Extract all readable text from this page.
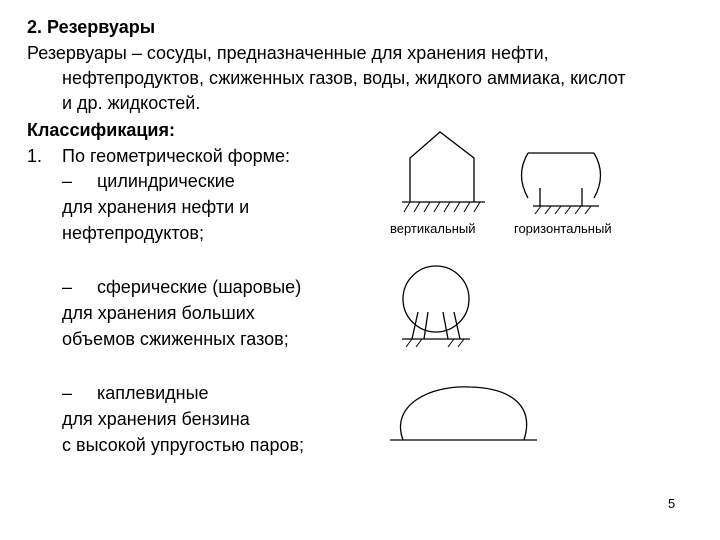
2. Резервуары
Резервуары – сосуды, предназначенные для хранения нефти,
нефтепродуктов, сжиженных газов, воды, жидкого аммиака, кислот
и др. жидкостей.
Классификация:
1. По геометрической форме:
– цилиндрические
для хранения нефти и
нефтепродуктов;
– сферические (шаровые)
для хранения больших
объемов сжиженных газов;
– каплевидные
для хранения бензина
с высокой упругостью паров;
вертикальный	горизонтальный
5
